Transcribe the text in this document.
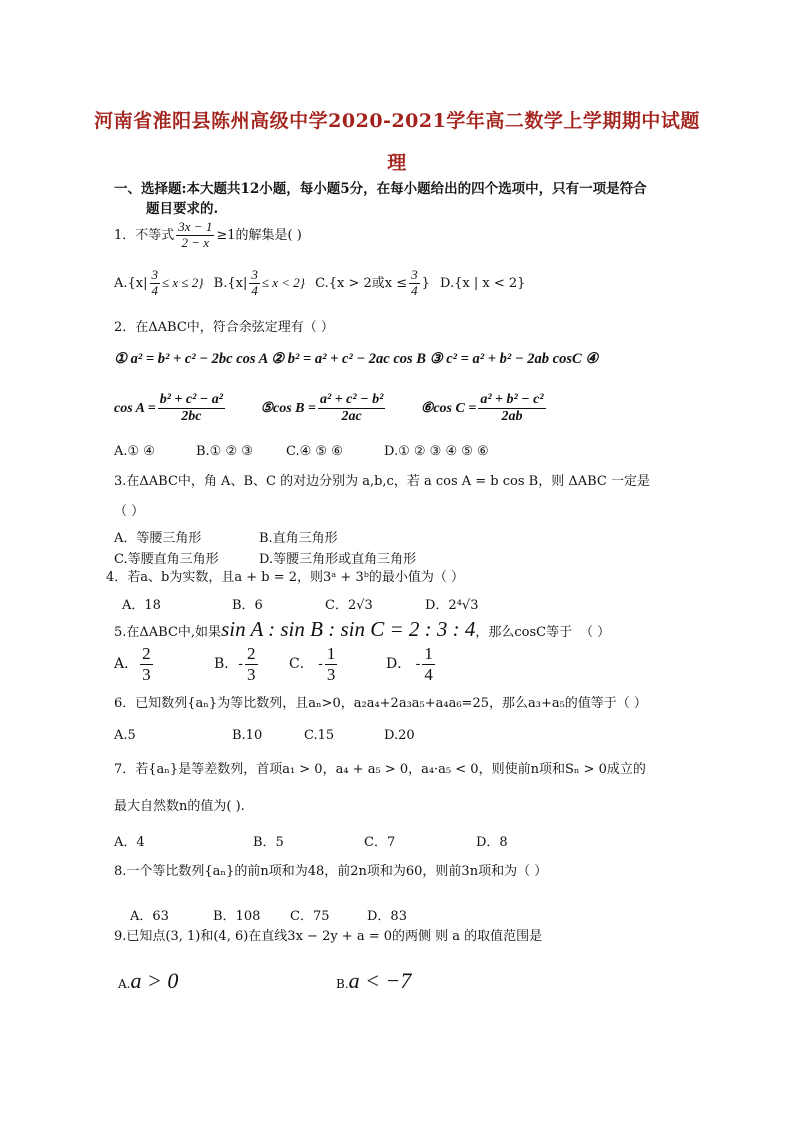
河南省淮阳县陈州高级中学2020-2021学年高二数学上学期期中试题
理
一、选择题:本大题共12小题，每小题5分，在每小题给出的四个选项中，只有一项是符合
题目要求的.
1．不等式 $\frac{3x - 1}{2 - x} \ge 1$的解集是( )
$A.\{x| \frac{3}{4} \le x \le 2\}$ $B.\{x| \frac{3}{4} \le x < 2\}$ C.{x > 2或$x \le \frac{3}{4}$ } D.{x | x < 2}
2．在ΔABC中，符合余弦定理有（ ）
① a² = b² + c² − 2bc cos A ② b² = a² + c² − 2ac cos B ③ c² = a² + b² − 2ab cosC ④
$\cos A = \frac{\text{b² + c² − a²}}{2bc}$	⑤cos $B = \frac{\text{a² + c² − b²}}{2ac}$	⑥cos $C = \frac{\text{a² + b² − c²}}{2ab}$
A.① ④	B.① ② ③	C.④ ⑤ ⑥	D.① ② ③ ④ ⑤ ⑥
3.在ΔABC中，角 A、B、C 的对边分别为 a,b,c，若 a cos A = b cos B，则 ΔABC 一定是
（ ）
A．等腰三角形	B.直角三角形
C.等腰直角三角形	D.等腰三角形或直角三角形
4．若a、b为实数，且a + b = 2，则3ᵃ + 3ᵇ的最小值为（ ）
A．18	B．6	C．2√3	D．2⁴√3
5.在ΔABC中,如果sin A : sin B : sin C = 2 : 3 : 4，那么cosC等于 （ ）
A． $\frac{2}{3}$	B．- $\frac{2}{3}$ C． - $\frac{1}{3}$	D． - $\frac{1}{4}$
6．已知数列{aₙ}为等比数列，且aₙ>0，a₂a₄+2a₃a₅+a₄a₆=25，那么a₃+a₅的值等于（ ）
A.5	B.10	C.15	D.20
7．若{aₙ}是等差数列，首项a₁ > 0，a₄ + a₅ > 0，a₄·a₅ < 0，则使前n项和Sₙ > 0成立的
最大自然数n的值为( ).
A．4	B．5	C．7	D．8
8.一个等比数列{aₙ}的前n项和为48，前2n项和为60，则前3n项和为（ ）
A．63	B．108 C．75	D．83
9.已知点(3, 1)和(4, 6)在直线3x − 2y + a = 0的两侧 则 a 的取值范围是
A.a > 0	B.a < −7
